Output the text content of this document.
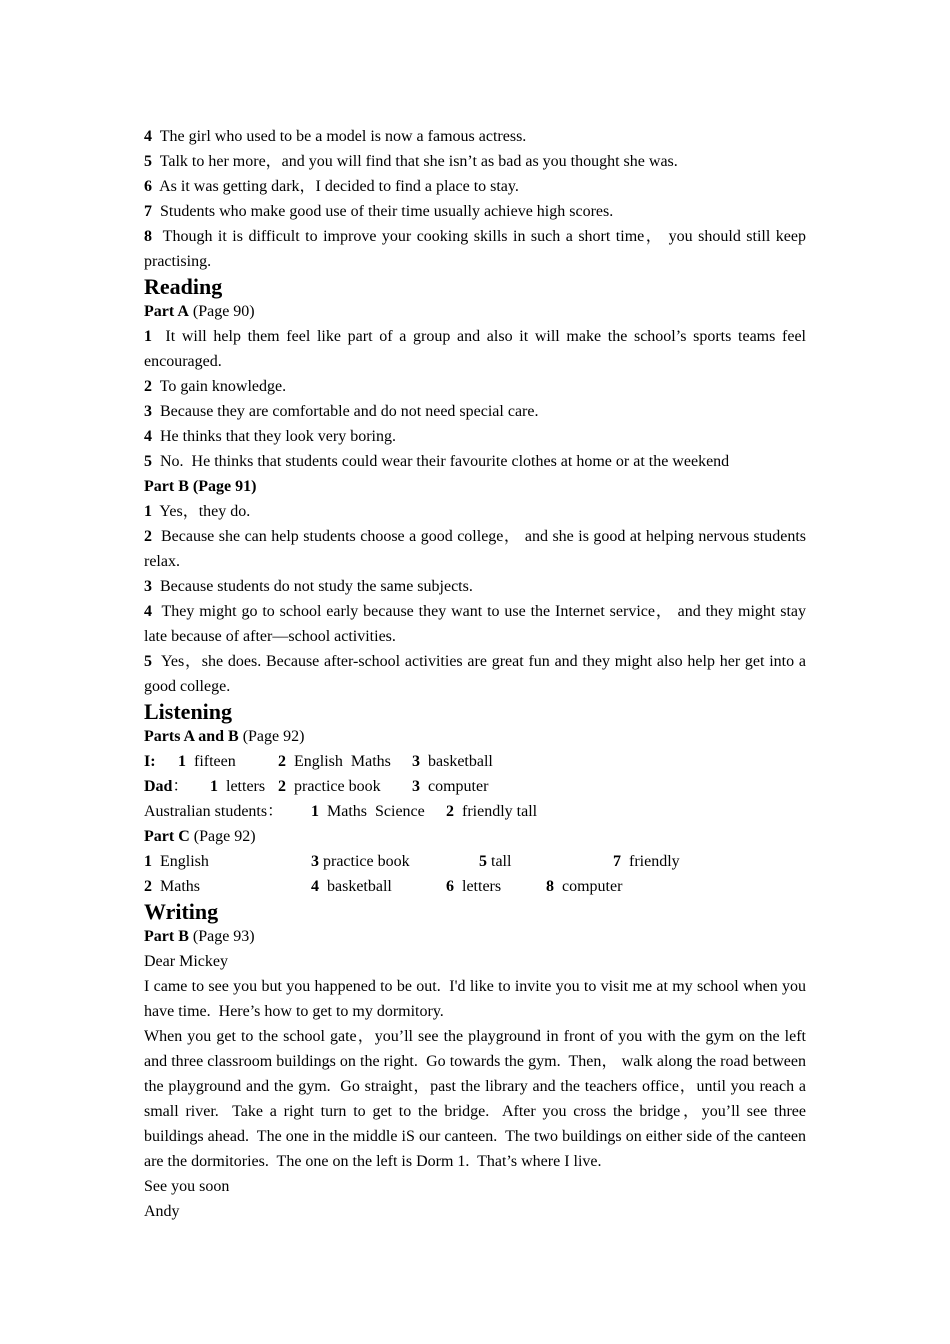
4  The girl who used to be a model is now a famous actress.

5  Talk to her more，and you will find that she isn’t as bad as you thought she was.

6  As it was getting dark，I decided to find a place to stay.

7  Students who make good use of their time usually achieve high scores.

8  Though it is difficult to improve your cooking skills in such a short time， you should still keep practising.

Reading

Part A (Page 90)

1  It will help them feel like part of a group and also it will make the school’s sports teams feel encouraged.

2  To gain knowledge.

3  Because they are comfortable and do not need special care.

4  He thinks that they look very boring.

5  No.  He thinks that students could wear their favourite clothes at home or at the weekend

Part B (Page 91)

1  Yes，they do.

2  Because she can help students choose a good college， and she is good at helping nervous students relax.

3  Because students do not study the same subjects.

4  They might go to school early because they want to use the Internet service， and they might stay late because of after—school activities.

5  Yes，she does. Because after-school activities are great fun and they might also help her get into a good college.

Listening

Parts A and B (Page 92)

I: 1  fifteen	2  English  Maths 3  basketball
Dad： 1  letters 2  practice book 3  computer
Australian students： 1  Maths  Science 2  friendly tall

Part C (Page 92)

1  English	3 practice book	5 tall	7  friendly
2  Maths	4  basketball	6  letters	8  computer
Writing

Part B (Page 93)

Dear Mickey

I came to see you but you happened to be out.  I'd like to invite you to visit me at my school when you have time.  Here’s how to get to my dormitory.

When you get to the school gate，you’ll see the playground in front of you with the gym on the left and three classroom buildings on the right.  Go towards the gym.  Then， walk along the road between the playground and the gym.  Go straight，past the library and the teachers office，until you reach a small river.  Take a right turn to get to the bridge.  After you cross the bridge，you’ll see three buildings ahead.  The one in the middle iS our canteen.  The two buildings on either side of the canteen are the dormitories.  The one on the left is Dorm 1.  That’s where I live.

See you soon

Andy
